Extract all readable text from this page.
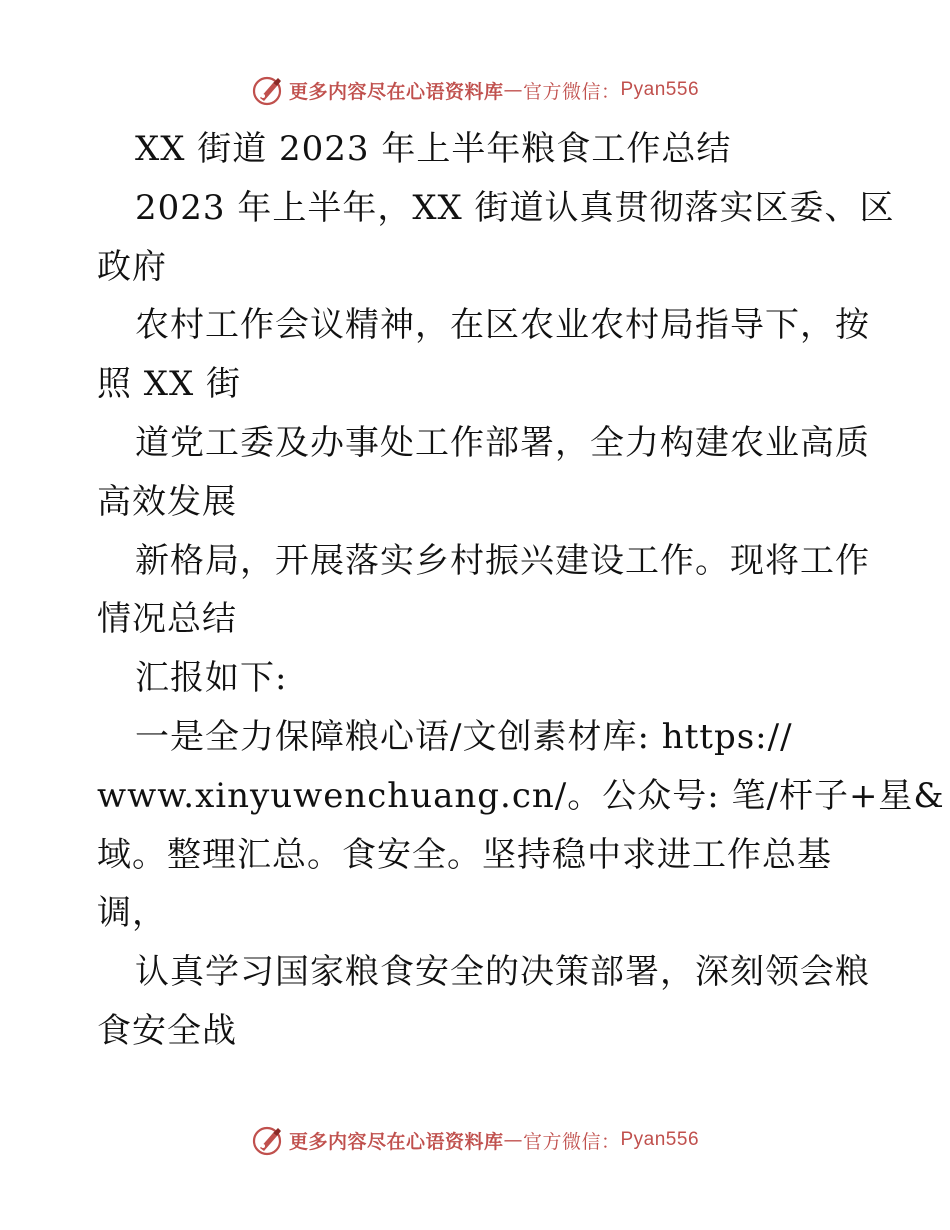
更多内容尽在心语资料库 — 官方微信： Pyan556
XX 街道 2023 年上半年粮食工作总结
2023 年上半年，XX 街道认真贯彻落实区委、区
政府
农村工作会议精神，在区农业农村局指导下，按
照 XX 街
道党工委及办事处工作部署，全力构建农业高质
高效发展
新格局，开展落实乡村振兴建设工作。现将工作
情况总结
汇报如下:
一是全力保障粮心语/文创素材库: https://
www.xinyuwenchuang.cn/。公众号: 笔/杆子+星&
域。整理汇总。食安全。坚持稳中求进工作总基
调，
认真学习国家粮食安全的决策部署，深刻领会粮
食安全战
更多内容尽在心语资料库 — 官方微信： Pyan556
